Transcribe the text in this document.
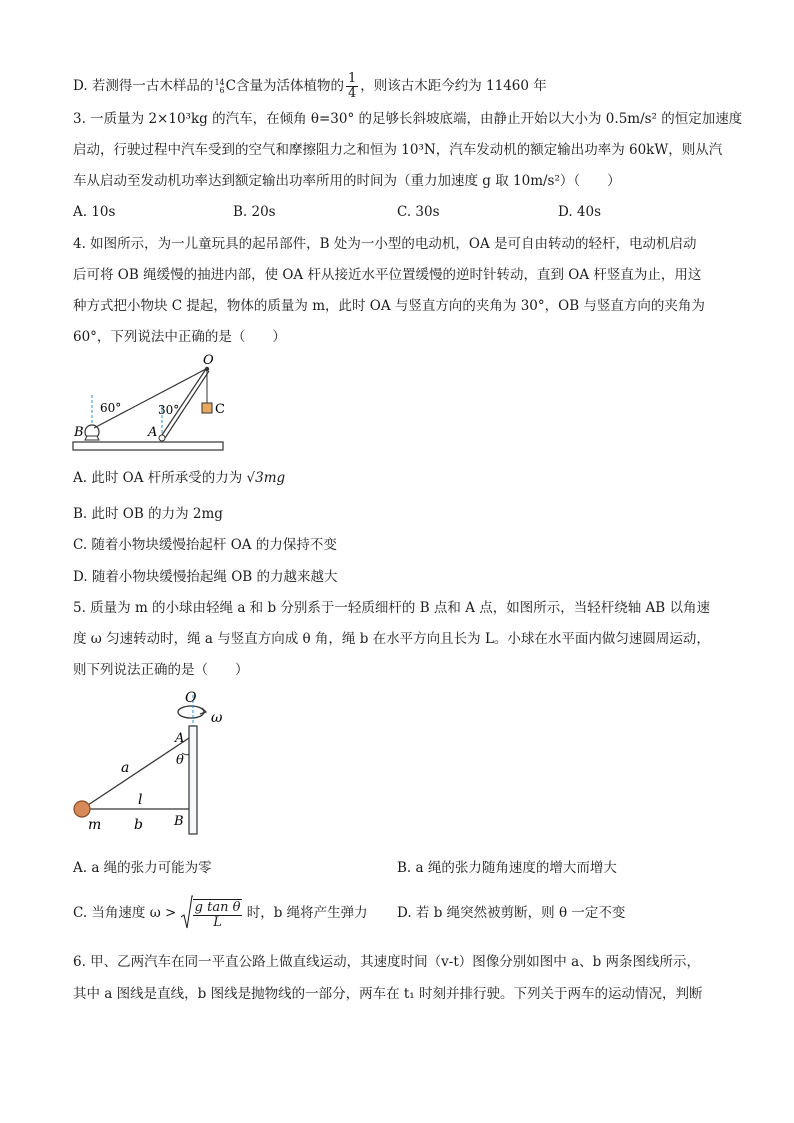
D. 若测得一古木样品的 14
6 C含量为活体植物的 $\frac{1}{4}$ ，则该古木距今约为 11460 年
3. 一质量为 2×10³kg 的汽车，在倾角 θ=30° 的足够长斜坡底端，由静止开始以大小为 0.5m/s² 的恒定加速度
启动，行驶过程中汽车受到的空气和摩擦阻力之和恒为 10³N，汽车发动机的额定输出功率为 60kW，则从汽
车从启动至发动机功率达到额定输出功率所用的时间为（重力加速度 g 取 10m/s²）（　　）
A. 10s	B. 20s	C. 30s	D. 40s
4. 如图所示，为一儿童玩具的起吊部件，B 处为一小型的电动机，OA 是可自由转动的轻杆，电动机启动
后可将 OB 绳缓慢的抽进内部，使 OA 杆从接近水平位置缓慢的逆时针转动，直到 OA 杆竖直为止，用这
种方式把小物块 C 提起，物体的质量为 m，此时 OA 与竖直方向的夹角为 30°，OB 与竖直方向的夹角为
60°，下列说法中正确的是（　　）
O
B	A
C
60°	30°
A. 此时 OA 杆所承受的力为 √3mg
B. 此时 OB 的力为 2mg
C. 随着小物块缓慢抬起杆 OA 的力保持不变
D. 随着小物块缓慢抬起绳 OB 的力越来越大
5. 质量为 m 的小球由轻绳 a 和 b 分别系于一轻质细杆的 B 点和 A 点，如图所示，当轻杆绕轴 AB 以角速
度 ω 匀速转动时，绳 a 与竖直方向成 θ 角，绳 b 在水平方向且长为 L。小球在水平面内做匀速圆周运动，
则下列说法正确的是（　　）
O
ω
A
θ
a
l
m b B
A. a 绳的张力可能为零	B. a 绳的张力随角速度的增大而增大
C. 当角速度 $\omega > \frac{\text{g tan θ}}{L}$ 时，b 绳将产生弹力 D. 若 b 绳突然被剪断，则 θ 一定不变
6. 甲、乙两汽车在同一平直公路上做直线运动，其速度时间（v-t）图像分别如图中 a、b 两条图线所示，
其中 a 图线是直线，b 图线是抛物线的一部分，两车在 t₁ 时刻并排行驶。下列关于两车的运动情况，判断
